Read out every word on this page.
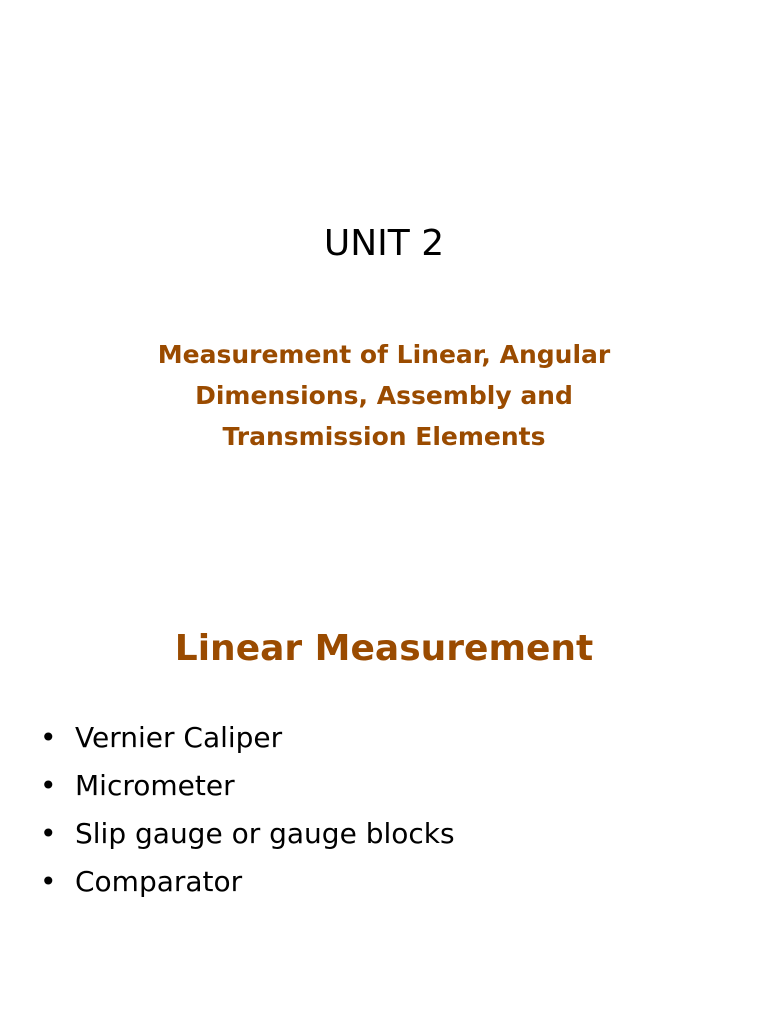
UNIT 2
Measurement of Linear, Angular
Dimensions, Assembly and
Transmission Elements
Linear Measurement
• Vernier Caliper
• Micrometer
• Slip gauge or gauge blocks
• Comparator
